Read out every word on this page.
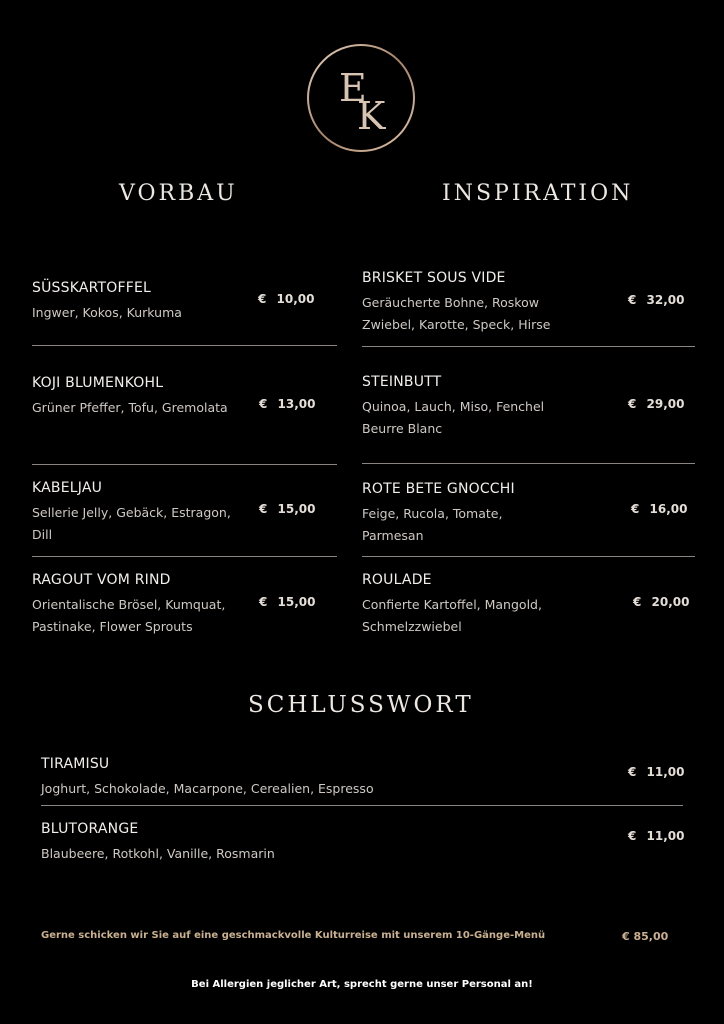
E
K
VORBAU	INSPIRATION
SÜSSKARTOFFEL
Ingwer, Kokos, Kurkuma
€ 10,00
KOJI BLUMENKOHL
Grüner Pfeffer, Tofu, Gremolata	€ 13,00
KABELJAU
Sellerie Jelly, Gebäck, Estragon, Dill
€ 15,00
RAGOUT VOM RIND
Orientalische Brösel, Kumquat, Pastinake, Flower Sprouts
€ 15,00
BRISKET SOUS VIDE
Geräucherte Bohne, Roskow Zwiebel, Karotte, Speck, Hirse
€ 32,00
STEINBUTT
Quinoa, Lauch, Miso, Fenchel Beurre Blanc
€ 29,00
ROTE BETE GNOCCHI
Feige, Rucola, Tomate, Parmesan
€ 16,00
ROULADE
Confierte Kartoffel, Mangold, Schmelzzwiebel
€ 20,00
SCHLUSSWORT
TIRAMISU
Joghurt, Schokolade, Macarpone, Cerealien, Espresso
€ 11,00
BLUTORANGE
Blaubeere, Rotkohl, Vanille, Rosmarin
€ 11,00
Gerne schicken wir Sie auf eine geschmackvolle Kulturreise mit unserem 10-Gänge-Menü	€ 85,00
Bei Allergien jeglicher Art, sprecht gerne unser Personal an!
